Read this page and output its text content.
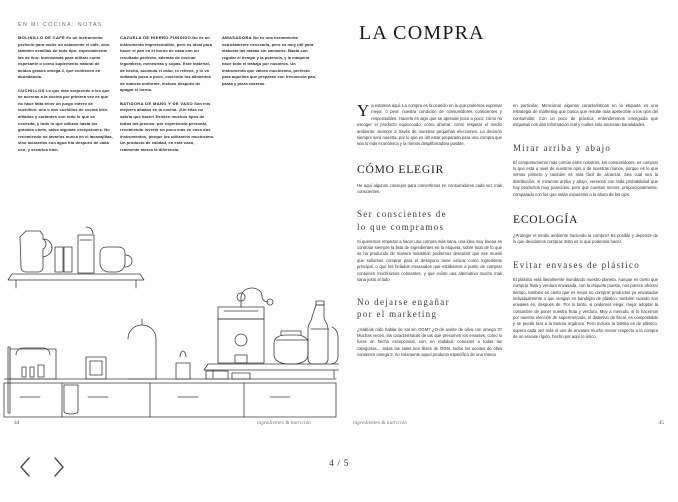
EN MI COCINA: NOTAS

MOLINILLO DE CAFÉ Es un instrumento perfecto para moler no solamente el café, sino también semillas de todo tipo, especialmente las de lino: buenísimas para utilizar como espesante o como suplemento natural de ácidos grasos omega 3, que contienen en abundancia.

CUCHILLOS Lo que más sorprende a los que se acercan a la cocina por primera vez es que no hace falta tener un juego entero de cuchillos: uno o dos cuchillos de cocina bien afilados y cortantes son todo lo que se necesita, y todo lo que utilizan hasta los grandes chefs, salvo algunas excepciones. No recomiendo no lavarlos nunca en el lavavajillas, sino aclararlos con agua fría después de cada uso, y secarlos bien.

CAZUELA DE HIERRO FUNDIDO No es un instrumento imprescindible, pero es ideal para hacer el pan en el horno de casa con un resultado perfecto, además de cocinar legumbres, menestras y sopas. Este material, de hecho, acumula el calor, lo retiene, y lo va soltando poco a poco, cociendo los alimentos de manera uniforme, incluso después de apagar el horno.

BATIDORA DE MANO Y DE VASO Son mis mejores aliados en la cocina. ¡Sin ellas no sabría qué hacer! Existen muchos tipos de todos los precios: por experiencia personal, recomiendo invertir un poco más en esos dos instrumentos, porque los utilizaréis muchísimo. Un producto de calidad, en este caso, realmente marca la diferencia.

AMASADORA No es una herramienta estrictamente necesaria, pero es muy útil para elaborar las masas sin cansarse. Basta con regular el tiempo y la potencia, y la máquina hace todo el trabajo por nosotros. Un instrumento que valoro muchísimo, perfecto para aquellos que preparan con frecuencia pan, pasta y pizza caseras.

44	ingredientes & nutrición
LA COMPRA

Ya estamos aquí. La compra es la ocasión en la que podemos expresar mejor, o peor, nuestra condición de consumidores conscientes y responsables. Hacerla es algo que se aprende poco a poco: cómo no escoger el producto equivocado, cómo ahorrar, cómo respetar el medio ambiente, siempre a través de nuestras pequeñas elecciones. La decisión siempre será nuestra, por lo que es útil estar preparado para una compra que sea lo más económica y la menos despilfarradora posible.

CÓMO ELEGIR

He aquí algunos consejos para convertirnos en consumidores cada vez más conscientes.

Ser conscientes de
lo que compramos

Si queremos empezar a hacer una compra más sana, una idea muy buena es controlar siempre la lista de ingredientes en la etiqueta, sobre todo de lo que se ha producido de manera industrial: podremos descubrir que ese muesli que solíamos comprar para el desayuno tiene azúcar como ingrediente principal, o que los helados envasados que estábamos a punto de comprar contienen muchísimos colorantes, y que existe una alternativa mucho más sana justo al lado.

No dejarse engañar
por el marketing

¿Habíais oído hablar de sal sin OGM? ¿O de aceite de oliva con omega 3? Muchas veces, las características de las que presumen los envases, como si fuera un hecho excepcional, son, en realidad, comunes a todas las categorías… todas las sales son libres de OGM, todos los aceites de oliva contienen omega 3, no solamente aquel producto específico de una marca

en particular. Mencionar algunas características en la etiqueta es una estrategia de marketing que busca que resulte más apetecible a los ojos del consumidor. Con un poco de práctica, entenderemos enseguida qué etiquetas nos dan información real y cuáles solo anuncian banalidades.

Mirar arriba y abajo

El comportamiento más común entre nosotros, los consumidores, es comprar lo que está a nivel de nuestros ojos o de nuestras manos, porque es lo que vemos primero y también es más fácil de alcanzar. Sea cual sea la distribución, si miramos arriba y abajo, veremos con toda probabilidad que hay productos muy parecidos, pero que cuestan menos, proporcionalmente, comparado con los que están expuestos a la altura de los ojos.

ECOLOGÍA

¿Proteger el medio ambiente haciendo la compra? Es posible y depende de lo que decidamos comprar. Esto es lo que podemos hacer.

Evitar envases de plástico

El plástico está literalmente inundando nuestro planeta. Aunque es cierto que comprar fruta y verdura envasada, con la etiqueta puesta, nos parece ahorrar tiempo, también es cierto que es mejor no comprar productos ya envasados individualmente o que vengan en bandejita de plástico, también cuando son envases en, después de. Por lo tanto, si podemos elegir, mejor adoptar la costumbre de poner nuestra fruta y verdura. Muy a menudo, si lo hacemos por nuestra elección de supermercado, el distintivo de fiscal, es compostable y se puede tirar a la basura orgánica. Pero incluso la bolsita es de plástico, supera cada vez más el uso de envases mucho menor respecto a la compra de un envase rígido, hecho por aquí lo único.

45
ingredientes & nutrición
4 / 5
